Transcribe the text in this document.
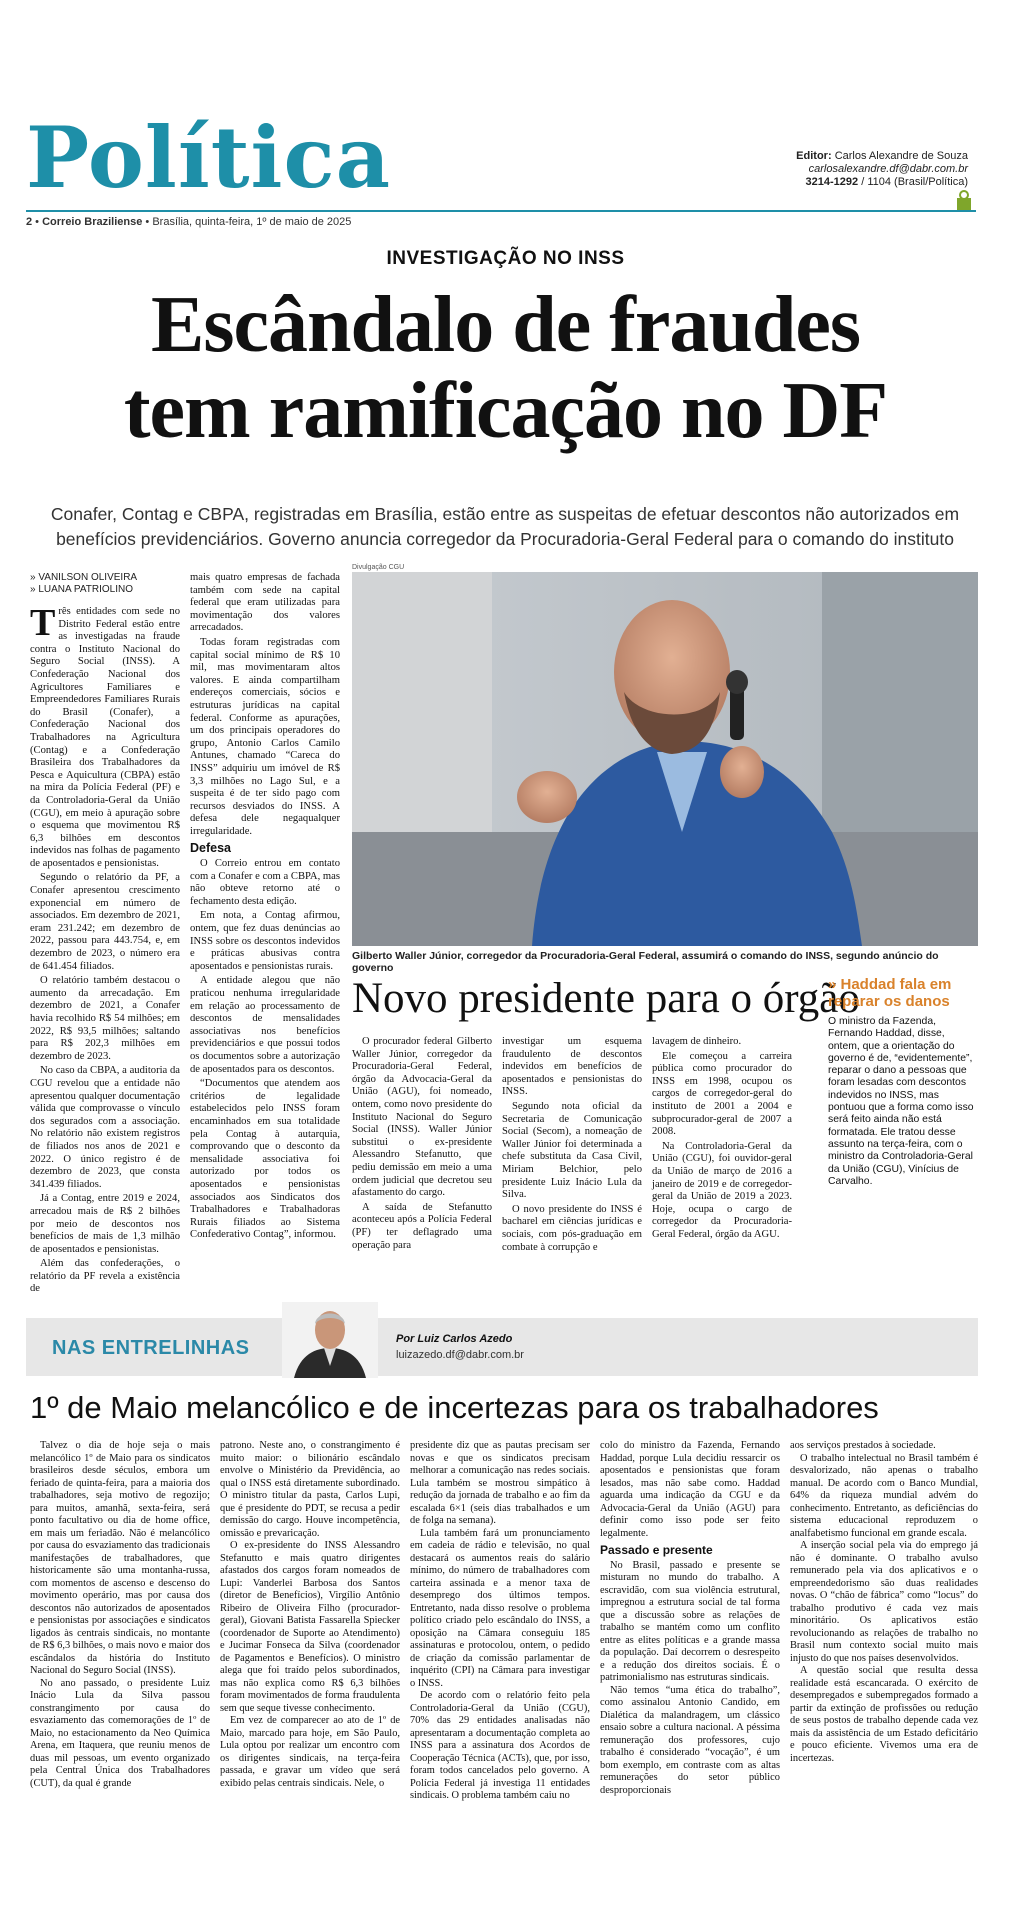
Política
2 • Correio Braziliense • Brasília, quinta-feira, 1º de maio de 2025
Editor: Carlos Alexandre de Souza
carlosalexandre.df@dabr.com.br
3214-1292 / 1104 (Brasil/Política)
INVESTIGAÇÃO NO INSS
Escândalo de fraudes
tem ramificação no DF
Conafer, Contag e CBPA, registradas em Brasília, estão entre as suspeitas de efetuar descontos não autorizados em
benefícios previdenciários. Governo anuncia corregedor da Procuradoria-Geral Federal para o comando do instituto
» VANILSON OLIVEIRA
» LUANA PATRIOLINO

Três entidades com sede no Distrito Federal estão entre as investigadas na fraude contra o Instituto Nacional do Seguro Social (INSS). A Confederação Nacional dos Agricultores Familiares e Empreendedores Familiares Rurais do Brasil (Conafer), a Confederação Nacional dos Trabalhadores na Agricultura (Contag) e a Confederação Brasileira dos Trabalhadores da Pesca e Aquicultura (CBPA) estão na mira da Polícia Federal (PF) e da Controladoria-Geral da União (CGU), em meio à apuração sobre o esquema que movimentou R$ 6,3 bilhões em descontos indevidos nas folhas de pagamento de aposentados e pensionistas.

Segundo o relatório da PF, a Conafer apresentou crescimento exponencial em número de associados. Em dezembro de 2021, eram 231.242; em dezembro de 2022, passou para 443.754, e, em dezembro de 2023, o número era de 641.454 filiados.

O relatório também destacou o aumento da arrecadação. Em dezembro de 2021, a Conafer havia recolhido R$ 54 milhões; em 2022, R$ 93,5 milhões; saltando para R$ 202,3 milhões em dezembro de 2023.

No caso da CBPA, a auditoria da CGU revelou que a entidade não apresentou qualquer documentação válida que comprovasse o vínculo dos segurados com a associação. No relatório não existem registros de filiados nos anos de 2021 e 2022. O único registro é de dezembro de 2023, que consta 341.439 filiados.

Já a Contag, entre 2019 e 2024, arrecadou mais de R$ 2 bilhões por meio de descontos nos benefícios de mais de 1,3 milhão de aposentados e pensionistas.

Além das confederações, o relatório da PF revela a existência de

mais quatro empresas de fachada também com sede na capital federal que eram utilizadas para movimentação dos valores arrecadados.

Todas foram registradas com capital social mínimo de R$ 10 mil, mas movimentaram altos valores. E ainda compartilham endereços comerciais, sócios e estruturas jurídicas na capital federal. Conforme as apurações, um dos principais operadores do grupo, Antonio Carlos Camilo Antunes, chamado “Careca do INSS” adquiriu um imóvel de R$ 3,3 milhões no Lago Sul, e a suspeita é de ter sido pago com recursos desviados do INSS. A defesa dele negaqualquer irregularidade.

Defesa

O Correio entrou em contato com a Conafer e com a CBPA, mas não obteve retorno até o fechamento desta edição.

Em nota, a Contag afirmou, ontem, que fez duas denúncias ao INSS sobre os descontos indevidos e práticas abusivas contra aposentados e pensionistas rurais.

A entidade alegou que não praticou nenhuma irregularidade em relação ao processamento de descontos de mensalidades associativas nos benefícios previdenciários e que possui todos os documentos sobre a autorização de aposentados para os descontos.

“Documentos que atendem aos critérios de legalidade estabelecidos pelo INSS foram encaminhados em sua totalidade pela Contag à autarquia, comprovando que o desconto da mensalidade associativa foi autorizado por todos os aposentados e pensionistas associados aos Sindicatos dos Trabalhadores e Trabalhadoras Rurais filiados ao Sistema Confederativo Contag”, informou.

Divulgação CGU
Gilberto Waller Júnior, corregedor da Procuradoria-Geral Federal, assumirá o comando do INSS, segundo anúncio do governo
Novo presidente para o órgão

O procurador federal Gilberto Waller Júnior, corregedor da Procuradoria-Geral Federal, órgão da Advocacia-Geral da União (AGU), foi nomeado, ontem, como novo presidente do Instituto Nacional do Seguro Social (INSS). Waller Júnior substitui o ex-presidente Alessandro Stefanutto, que pediu demissão em meio a uma ordem judicial que decretou seu afastamento do cargo.

A saída de Stefanutto aconteceu após a Polícia Federal (PF) ter deflagrado uma operação para

investigar um esquema fraudulento de descontos indevidos em benefícios de aposentados e pensionistas do INSS.

Segundo nota oficial da Secretaria de Comunicação Social (Secom), a nomeação de Waller Júnior foi determinada a chefe substituta da Casa Civil, Miriam Belchior, pelo presidente Luiz Inácio Lula da Silva.

O novo presidente do INSS é bacharel em ciências jurídicas e sociais, com pós-graduação em combate à corrupção e

lavagem de dinheiro.

Ele começou a carreira pública como procurador do INSS em 1998, ocupou os cargos de corregedor-geral do instituto de 2001 a 2004 e subprocurador-geral de 2007 a 2008.

Na Controladoria-Geral da União (CGU), foi ouvidor-geral da União de março de 2016 a janeiro de 2019 e de corregedor-geral da União de 2019 a 2023. Hoje, ocupa o cargo de corregedor da Procuradoria-Geral Federal, órgão da AGU.

» Haddad fala em reparar os danos
O ministro da Fazenda, Fernando Haddad, disse, ontem, que a orientação do governo é de, “evidentemente”, reparar o dano a pessoas que foram lesadas com descontos indevidos no INSS, mas pontuou que a forma como isso será feito ainda não está formatada. Ele tratou desse assunto na terça-feira, com o ministro da Controladoria-Geral da União (CGU), Vinícius de Carvalho.
NAS ENTRELINHAS	Por Luiz Carlos Azedo
luizazedo.df@dabr.com.br
1º de Maio melancólico e de incertezas para os trabalhadores

Talvez o dia de hoje seja o mais melancólico 1º de Maio para os sindicatos brasileiros desde séculos, embora um feriado de quinta-feira, para a maioria dos trabalhadores, seja motivo de regozijo; para muitos, amanhã, sexta-feira, será ponto facultativo ou dia de home office, em mais um feriadão. Não é melancólico por causa do esvaziamento das tradicionais manifestações de trabalhadores, que historicamente são uma montanha-russa, com momentos de ascenso e descenso do movimento operário, mas por causa dos descontos não autorizados de aposentados e pensionistas por associações e sindicatos ligados às centrais sindicais, no montante de R$ 6,3 bilhões, o mais novo e maior dos escândalos da história do Instituto Nacional do Seguro Social (INSS).

No ano passado, o presidente Luiz Inácio Lula da Silva passou constrangimento por causa do esvaziamento das comemorações de 1º de Maio, no estacionamento da Neo Química Arena, em Itaquera, que reuniu menos de duas mil pessoas, um evento organizado pela Central Única dos Trabalhadores (CUT), da qual é grande

patrono. Neste ano, o constrangimento é muito maior: o bilionário escândalo envolve o Ministério da Previdência, ao qual o INSS está diretamente subordinado. O ministro titular da pasta, Carlos Lupi, que é presidente do PDT, se recusa a pedir demissão do cargo. Houve incompetência, omissão e prevaricação.

O ex-presidente do INSS Alessandro Stefanutto e mais quatro dirigentes afastados dos cargos foram nomeados de Lupi: Vanderlei Barbosa dos Santos (diretor de Benefícios), Virgílio Antônio Ribeiro de Oliveira Filho (procurador-geral), Giovani Batista Fassarella Spiecker (coordenador de Suporte ao Atendimento) e Jucimar Fonseca da Silva (coordenador de Pagamentos e Benefícios). O ministro alega que foi traído pelos subordinados, mas não explica como R$ 6,3 bilhões foram movimentados de forma fraudulenta sem que seque tivesse conhecimento.

Em vez de comparecer ao ato de 1º de Maio, marcado para hoje, em São Paulo, Lula optou por realizar um encontro com os dirigentes sindicais, na terça-feira passada, e gravar um vídeo que será exibido pelas centrais sindicais. Nele, o

presidente diz que as pautas precisam ser novas e que os sindicatos precisam melhorar a comunicação nas redes sociais. Lula também se mostrou simpático à redução da jornada de trabalho e ao fim da escalada 6×1 (seis dias trabalhados e um de folga na semana).

Lula também fará um pronunciamento em cadeia de rádio e televisão, no qual destacará os aumentos reais do salário mínimo, do número de trabalhadores com carteira assinada e a menor taxa de desemprego dos últimos tempos. Entretanto, nada disso resolve o problema político criado pelo escândalo do INSS, a oposição na Câmara conseguiu 185 assinaturas e protocolou, ontem, o pedido de criação da comissão parlamentar de inquérito (CPI) na Câmara para investigar o INSS.

De acordo com o relatório feito pela Controladoria-Geral da União (CGU), 70% das 29 entidades analisadas não apresentaram a documentação completa ao INSS para a assinatura dos Acordos de Cooperação Técnica (ACTs), que, por isso, foram todos cancelados pelo governo. A Polícia Federal já investiga 11 entidades sindicais. O problema também caiu no

colo do ministro da Fazenda, Fernando Haddad, porque Lula decidiu ressarcir os aposentados e pensionistas que foram lesados, mas não sabe como. Haddad aguarda uma indicação da CGU e da Advocacia-Geral da União (AGU) para definir como isso pode ser feito legalmente.

Passado e presente

No Brasil, passado e presente se misturam no mundo do trabalho. A escravidão, com sua violência estrutural, impregnou a estrutura social de tal forma que a discussão sobre as relações de trabalho se mantém como um conflito entre as elites políticas e a grande massa da população. Daí decorrem o desrespeito e a redução dos direitos sociais. É o patrimonialismo nas estruturas sindicais.

Não temos “uma ética do trabalho”, como assinalou Antonio Candido, em Dialética da malandragem, um clássico ensaio sobre a cultura nacional. A péssima remuneração dos professores, cujo trabalho é considerado “vocação”, é um bom exemplo, em contraste com as altas remunerações do setor público desproporcionais

aos serviços prestados à sociedade.

O trabalho intelectual no Brasil também é desvalorizado, não apenas o trabalho manual. De acordo com o Banco Mundial, 64% da riqueza mundial advém do conhecimento. Entretanto, as deficiências do sistema educacional reproduzem o analfabetismo funcional em grande escala.

A inserção social pela via do emprego já não é dominante. O trabalho avulso remunerado pela via dos aplicativos e o empreendedorismo são duas realidades novas. O “chão de fábrica” como “locus” do trabalho produtivo é cada vez mais minoritário. Os aplicativos estão revolucionando as relações de trabalho no Brasil num contexto social muito mais injusto do que nos países desenvolvidos.

A questão social que resulta dessa realidade está escancarada. O exército de desempregados e subempregados formado a partir da extinção de profissões ou redução de seus postos de trabalho depende cada vez mais da assistência de um Estado deficitário e pouco eficiente. Vivemos uma era de incertezas.
